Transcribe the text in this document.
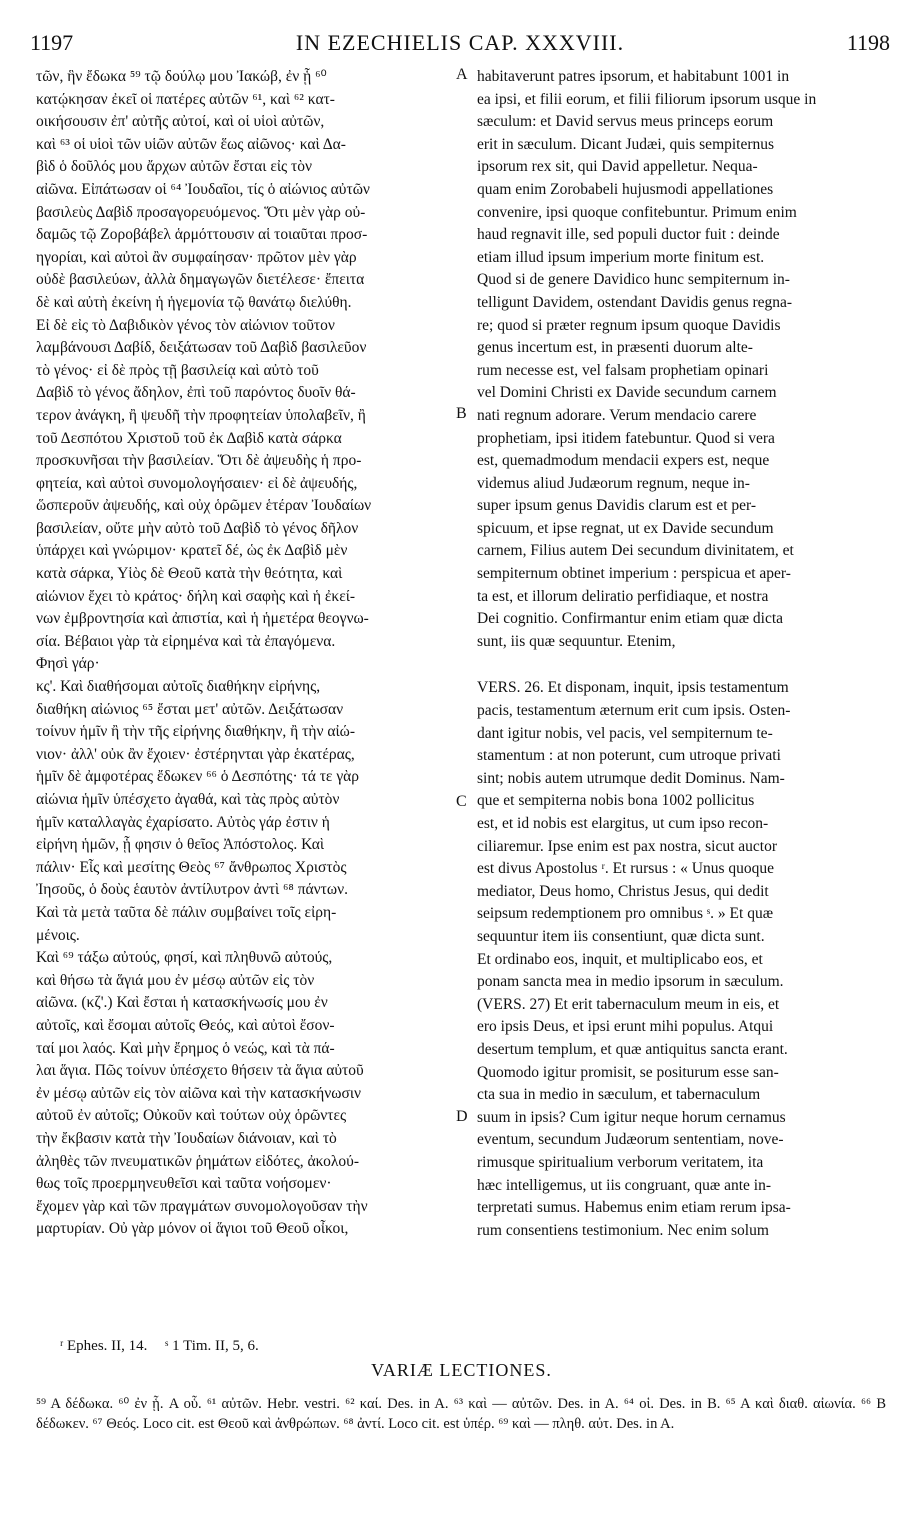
1197	IN EZECHIELIS CAP. XXXVIII.	1198

τῶν, ἣν ἔδωκα ⁵⁹ τῷ δούλῳ μου Ἰακώβ, ἐν ᾗ ⁶⁰

κατῴκησαν ἐκεῖ οἱ πατέρες αὐτῶν ⁶¹, καὶ ⁶² κατ-

οικήσουσιν ἐπ' αὐτῆς αὐτοί, καὶ οἱ υἱοὶ αὐτῶν,

καὶ ⁶³ οἱ υἱοὶ τῶν υἱῶν αὐτῶν ἕως αἰῶνος· καὶ Δα-

βὶδ ὁ δοῦλός μου ἄρχων αὐτῶν ἔσται εἰς τὸν

αἰῶνα. Εἰπάτωσαν οἱ ⁶⁴ Ἰουδαῖοι, τίς ὁ αἰώνιος αὐτῶν

βασιλεὺς Δαβὶδ προσαγορευόμενος. Ὅτι μὲν γὰρ οὐ-

δαμῶς τῷ Ζοροβάβελ ἁρμόττουσιν αἱ τοιαῦται προσ-

ηγορίαι, καὶ αὐτοὶ ἂν συμφαίησαν· πρῶτον μὲν γὰρ

οὐδὲ βασιλεύων, ἀλλὰ δημαγωγῶν διετέλεσε· ἔπειτα

δὲ καὶ αὐτὴ ἐκείνη ἡ ἡγεμονία τῷ θανάτῳ διελύθη.

Εἰ δὲ εἰς τὸ Δαβιδικὸν γένος τὸν αἰώνιον τοῦτον

λαμβάνουσι Δαβίδ, δειξάτωσαν τοῦ Δαβὶδ βασιλεῦον

τὸ γένος· εἰ δὲ πρὸς τῇ βασιλείᾳ καὶ αὐτὸ τοῦ

Δαβὶδ τὸ γένος ἄδηλον, ἐπὶ τοῦ παρόντος δυοῖν θά-

τερον ἀνάγκη, ἢ ψευδῆ τὴν προφητείαν ὑπολαβεῖν, ἢ

τοῦ Δεσπότου Χριστοῦ τοῦ ἐκ Δαβὶδ κατὰ σάρκα

προσκυνῆσαι τὴν βασιλείαν. Ὅτι δὲ ἀψευδὴς ἡ προ-

φητεία, καὶ αὐτοὶ συνομολογήσαιεν· εἰ δὲ ἀψευδής,

ὥσπεροῦν ἀψευδής, καὶ οὐχ ὁρῶμεν ἑτέραν Ἰουδαίων

βασιλείαν, οὔτε μὴν αὐτὸ τοῦ Δαβὶδ τὸ γένος δῆλον

ὑπάρχει καὶ γνώριμον· κρατεῖ δέ, ὡς ἐκ Δαβὶδ μὲν

κατὰ σάρκα, Υἱὸς δὲ Θεοῦ κατὰ τὴν θεότητα, καὶ

αἰώνιον ἔχει τὸ κράτος· δήλη καὶ σαφὴς καὶ ἡ ἐκεί-

νων ἐμβροντησία καὶ ἀπιστία, καὶ ἡ ἡμετέρα θεογνω-

σία. Βέβαιοι γὰρ τὰ εἰρημένα καὶ τὰ ἐπαγόμενα.

Φησὶ γάρ·

κς'. Καὶ διαθήσομαι αὐτοῖς διαθήκην εἰρήνης,

διαθήκη αἰώνιος ⁶⁵ ἔσται μετ' αὐτῶν. Δειξάτωσαν

τοίνυν ἡμῖν ἢ τὴν τῆς εἰρήνης διαθήκην, ἢ τὴν αἰώ-

νιον· ἀλλ' οὐκ ἂν ἔχοιεν· ἐστέρηνται γὰρ ἑκατέρας,

ἡμῖν δὲ ἀμφοτέρας ἔδωκεν ⁶⁶ ὁ Δεσπότης· τά τε γὰρ

αἰώνια ἡμῖν ὑπέσχετο ἀγαθά, καὶ τὰς πρὸς αὐτὸν

ἡμῖν καταλλαγὰς ἐχαρίσατο. Αὐτὸς γάρ ἐστιν ἡ

εἰρήνη ἡμῶν, ᾗ φησιν ὁ θεῖος Ἀπόστολος. Καὶ

πάλιν· Εἷς καὶ μεσίτης Θεὸς ⁶⁷ ἄνθρωπος Χριστὸς

Ἰησοῦς, ὁ δοὺς ἑαυτὸν ἀντίλυτρον ἀντὶ ⁶⁸ πάντων.

Καὶ τὰ μετὰ ταῦτα δὲ πάλιν συμβαίνει τοῖς εἰρη-

μένοις.

Καὶ ⁶⁹ τάξω αὐτούς, φησί, καὶ πληθυνῶ αὐτούς,

καὶ θήσω τὰ ἅγιά μου ἐν μέσῳ αὐτῶν εἰς τὸν

αἰῶνα. (κζ'.) Καὶ ἔσται ἡ κατασκήνωσίς μου ἐν

αὐτοῖς, καὶ ἔσομαι αὐτοῖς Θεός, καὶ αὐτοὶ ἔσον-

ταί μοι λαός. Καὶ μὴν ἔρημος ὁ νεώς, καὶ τὰ πά-

λαι ἅγια. Πῶς τοίνυν ὑπέσχετο θήσειν τὰ ἅγια αὐτοῦ

ἐν μέσῳ αὐτῶν εἰς τὸν αἰῶνα καὶ τὴν κατασκήνωσιν

αὐτοῦ ἐν αὐτοῖς; Οὐκοῦν καὶ τούτων οὐχ ὁρῶντες

τὴν ἔκβασιν κατὰ τὴν Ἰουδαίων διάνοιαν, καὶ τὸ

ἀληθὲς τῶν πνευματικῶν ῥημάτων εἰδότες, ἀκολού-

θως τοῖς προερμηνευθεῖσι καὶ ταῦτα νοήσομεν·

ἔχομεν γὰρ καὶ τῶν πραγμάτων συνομολογοῦσαν τὴν

μαρτυρίαν. Οὐ γὰρ μόνον οἱ ἅγιοι τοῦ Θεοῦ οἶκοι,

habitaverunt patres ipsorum, et habitabunt 1001 in

ea ipsi, et filii eorum, et filii filiorum ipsorum usque in

sæculum: et David servus meus princeps eorum

erit in sæculum. Dicant Judæi, quis sempiternus

ipsorum rex sit, qui David appelletur. Nequa-

quam enim Zorobabeli hujusmodi appellationes

convenire, ipsi quoque confitebuntur. Primum enim

haud regnavit ille, sed populi ductor fuit : deinde

etiam illud ipsum imperium morte finitum est.

Quod si de genere Davidico hunc sempiternum in-

telligunt Davidem, ostendant Davidis genus regna-

re; quod si præter regnum ipsum quoque Davidis

genus incertum est, in præsenti duorum alte-

rum necesse est, vel falsam prophetiam opinari

vel Domini Christi ex Davide secundum carnem

nati regnum adorare. Verum mendacio carere

prophetiam, ipsi itidem fatebuntur. Quod si vera

est, quemadmodum mendacii expers est, neque

videmus aliud Judæorum regnum, neque in-

super ipsum genus Davidis clarum est et per-

spicuum, et ipse regnat, ut ex Davide secundum

carnem, Filius autem Dei secundum divinitatem, et

sempiternum obtinet imperium : perspicua et aper-

ta est, et illorum deliratio perfidiaque, et nostra

Dei cognitio. Confirmantur enim etiam quæ dicta

sunt, iis quæ sequuntur. Etenim,

VERS. 26. Et disponam, inquit, ipsis testamentum

pacis, testamentum æternum erit cum ipsis. Osten-

dant igitur nobis, vel pacis, vel sempiternum te-

stamentum : at non poterunt, cum utroque privati

sint; nobis autem utrumque dedit Dominus. Nam-

que et sempiterna nobis bona 1002 pollicitus

est, et id nobis est elargitus, ut cum ipso recon-

ciliaremur. Ipse enim est pax nostra, sicut auctor

est divus Apostolus ʳ. Et rursus : « Unus quoque

mediator, Deus homo, Christus Jesus, qui dedit

seipsum redemptionem pro omnibus ˢ. » Et quæ

sequuntur item iis consentiunt, quæ dicta sunt.

Et ordinabo eos, inquit, et multiplicabo eos, et

ponam sancta mea in medio ipsorum in sæculum.

(VERS. 27) Et erit tabernaculum meum in eis, et

ero ipsis Deus, et ipsi erunt mihi populus. Atqui

desertum templum, et quæ antiquitus sancta erant.

Quomodo igitur promisit, se positurum esse san-

cta sua in medio in sæculum, et tabernaculum

suum in ipsis? Cum igitur neque horum cernamus

eventum, secundum Judæorum sententiam, nove-

rimusque spiritualium verborum veritatem, ita

hæc intelligemus, ut iis congruant, quæ ante in-

terpretati sumus. Habemus enim etiam rerum ipsa-

rum consentiens testimonium. Nec enim solum

A
B
C
D
ʳ Ephes. II, 14. ˢ 1 Tim. II, 5, 6.
VARIÆ LECTIONES.
⁵⁹ A δέδωκα. ⁶⁰ ἐν ᾗ. A οὗ. ⁶¹ αὐτῶν. Hebr. vestri. ⁶² καί. Des. in A. ⁶³ καὶ — αὐτῶν. Des. in A. ⁶⁴ οἱ. Des. in B. ⁶⁵ A καὶ διαθ. αἰωνία. ⁶⁶ B δέδωκεν. ⁶⁷ Θεός. Loco cit. est Θεοῦ καὶ ἀνθρώπων. ⁶⁸ ἀντί. Loco cit. est ὑπέρ. ⁶⁹ καὶ — πληθ. αὐτ. Des. in A.
